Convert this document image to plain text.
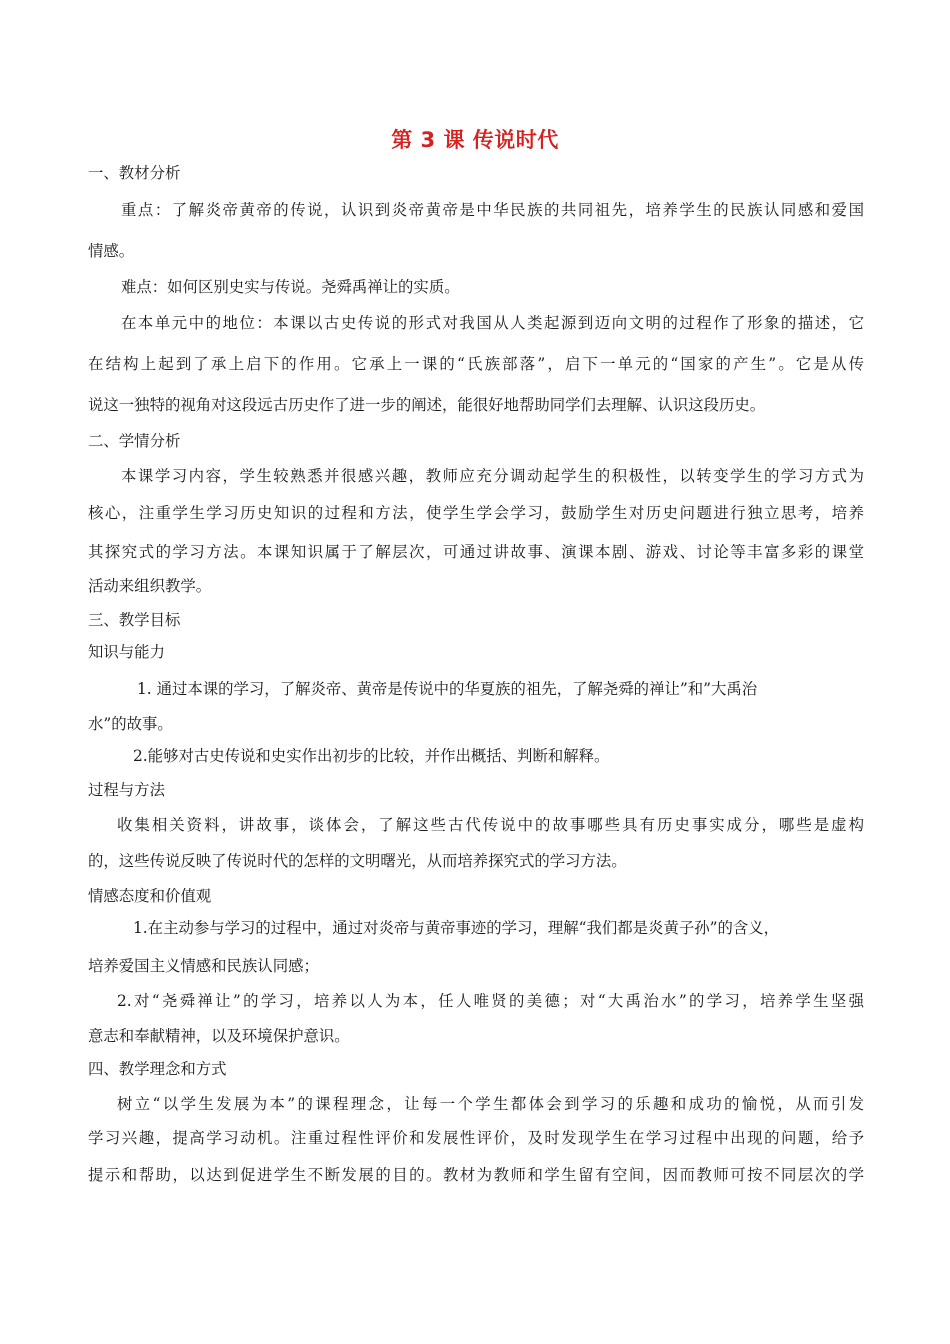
第 3 课 传说时代
一、教材分析
重点：了解炎帝黄帝的传说，认识到炎帝黄帝是中华民族的共同祖先，培养学生的民族认同感和爱国
情感。
难点：如何区别史实与传说。尧舜禹禅让的实质。
在本单元中的地位：本课以古史传说的形式对我国从人类起源到迈向文明的过程作了形象的描述，它
在结构上起到了承上启下的作用。它承上一课的“氏族部落”，启下一单元的“国家的产生”。它是从传
说这一独特的视角对这段远古历史作了进一步的阐述，能很好地帮助同学们去理解、认识这段历史。
二、学情分析
本课学习内容，学生较熟悉并很感兴趣，教师应充分调动起学生的积极性，以转变学生的学习方式为
核心，注重学生学习历史知识的过程和方法，使学生学会学习，鼓励学生对历史问题进行独立思考，培养
其探究式的学习方法。本课知识属于了解层次，可通过讲故事、演课本剧、游戏、讨论等丰富多彩的课堂
活动来组织教学。
三、教学目标
知识与能力
1. 通过本课的学习，了解炎帝、黄帝是传说中的华夏族的祖先，了解尧舜的禅让”和”大禹治
水”的故事。
2.能够对古史传说和史实作出初步的比较，并作出概括、判断和解释。
过程与方法
收集相关资料，讲故事，谈体会，了解这些古代传说中的故事哪些具有历史事实成分，哪些是虚构
的，这些传说反映了传说时代的怎样的文明曙光，从而培养探究式的学习方法。
情感态度和价值观
1.在主动参与学习的过程中，通过对炎帝与黄帝事迹的学习，理解“我们都是炎黄子孙”的含义，
培养爱国主义情感和民族认同感；
2.对“尧舜禅让”的学习，培养以人为本，任人唯贤的美德；对“大禹治水”的学习，培养学生坚强
意志和奉献精神，以及环境保护意识。
四、教学理念和方式
树立“以学生发展为本”的课程理念，让每一个学生都体会到学习的乐趣和成功的愉悦，从而引发
学习兴趣，提高学习动机。注重过程性评价和发展性评价，及时发现学生在学习过程中出现的问题，给予
提示和帮助，以达到促进学生不断发展的目的。教材为教师和学生留有空间，因而教师可按不同层次的学
